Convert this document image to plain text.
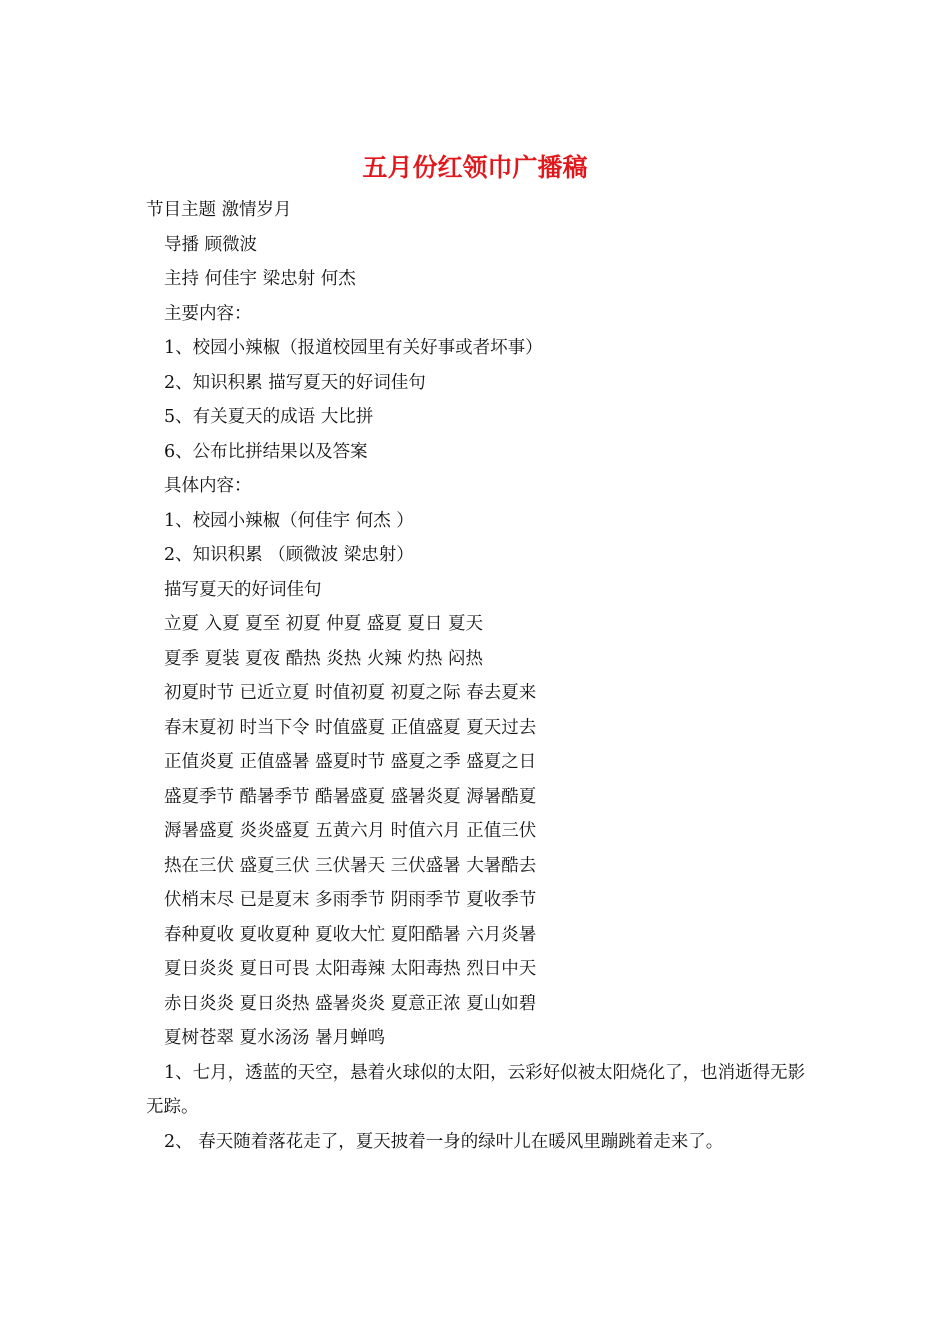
五月份红领巾广播稿
节目主题 激情岁月
导播 顾微波
主持 何佳宇 梁忠射 何杰
主要内容：
1、校园小辣椒（报道校园里有关好事或者坏事）
2、知识积累 描写夏天的好词佳句
5、有关夏天的成语 大比拼
6、公布比拼结果以及答案
具体内容：
1、校园小辣椒（何佳宇 何杰 ）
2、知识积累 （顾微波 梁忠射）
描写夏天的好词佳句
立夏 入夏 夏至 初夏 仲夏 盛夏 夏日 夏天
夏季 夏装 夏夜 酷热 炎热 火辣 灼热 闷热
初夏时节 已近立夏 时值初夏 初夏之际 春去夏来
春末夏初 时当下令 时值盛夏 正值盛夏 夏天过去
正值炎夏 正值盛暑 盛夏时节 盛夏之季 盛夏之日
盛夏季节 酷暑季节 酷暑盛夏 盛暑炎夏 溽暑酷夏
溽暑盛夏 炎炎盛夏 五黄六月 时值六月 正值三伏
热在三伏 盛夏三伏 三伏暑天 三伏盛暑 大暑酷去
伏梢末尽 已是夏末 多雨季节 阴雨季节 夏收季节
春种夏收 夏收夏种 夏收大忙 夏阳酷暑 六月炎暑
夏日炎炎 夏日可畏 太阳毒辣 太阳毒热 烈日中天
赤日炎炎 夏日炎热 盛暑炎炎 夏意正浓 夏山如碧
夏树苍翠 夏水汤汤 暑月蝉鸣
1、七月，透蓝的天空，悬着火球似的太阳，云彩好似被太阳烧化了，也消逝得无影无踪。
2、 春天随着落花走了，夏天披着一身的绿叶儿在暖风里蹦跳着走来了。
